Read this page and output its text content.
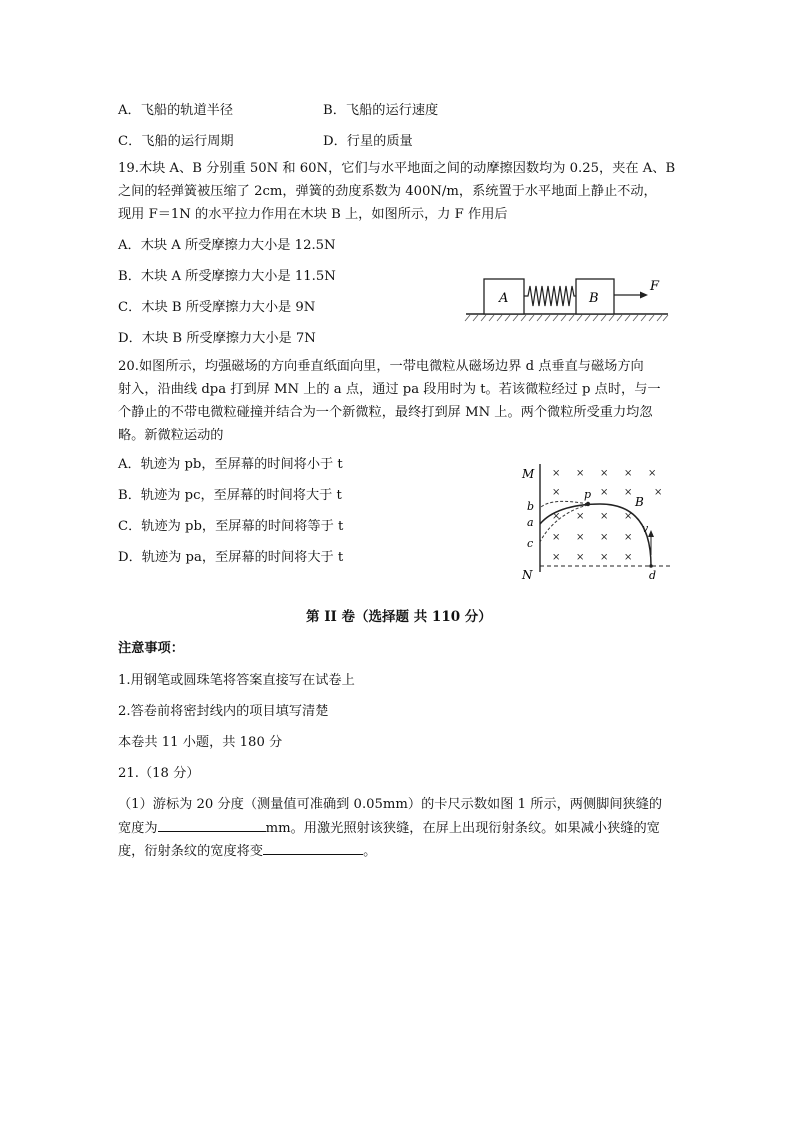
A．飞船的轨道半径	B．飞船的运行速度
C．飞船的运行周期	D．行星的质量
19.木块 A、B 分别重 50N 和 60N，它们与水平地面之间的动摩擦因数均为 0.25，夹在 A、B
之间的轻弹簧被压缩了 2cm，弹簧的劲度系数为 400N/m，系统置于水平地面上静止不动，
现用 F＝1N 的水平拉力作用在木块 B 上，如图所示，力 F 作用后
A．木块 A 所受摩擦力大小是 12.5N
B．木块 A 所受摩擦力大小是 11.5N
C．木块 B 所受摩擦力大小是 9N
D．木块 B 所受摩擦力大小是 7N
A	B
F
20.如图所示，均强磁场的方向垂直纸面向里，一带电微粒从磁场边界 d 点垂直与磁场方向
射入，沿曲线 dpa 打到屏 MN 上的 a 点，通过 pa 段用时为 t。若该微粒经过 p 点时，与一
个静止的不带电微粒碰撞并结合为一个新微粒，最终打到屏 MN 上。两个微粒所受重力均忽
略。新微粒运动的
A．轨迹为 pb，至屏幕的时间将小于 t
B．轨迹为 pc，至屏幕的时间将大于 t
C．轨迹为 pb，至屏幕的时间将等于 t
D．轨迹为 pa，至屏幕的时间将大于 t
M
N
b
a
c
p
B
v
d
× × × × ×
×	× × ×
× × × ×
× × × ×
× × × ×
第 II 卷（选择题 共 110 分）
注意事项：
1.用钢笔或圆珠笔将答案直接写在试卷上
2.答卷前将密封线内的项目填写清楚
本卷共 11 小题，共 180 分
21.（18 分）
（1）游标为 20 分度（测量值可准确到 0.05mm）的卡尺示数如图 1 所示，两侧脚间狭缝的
宽度为	mm。用激光照射该狭缝，在屏上出现衍射条纹。如果减小狭缝的宽
度，衍射条纹的宽度将变	。
